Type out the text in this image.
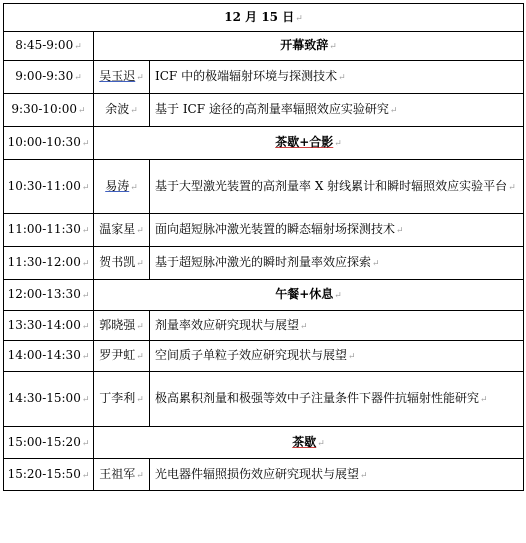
12 月 15 日↵		
8:45-9:00↵	开幕致辞↵	
9:00-9:30↵	吴玉迟↵	ICF 中的极端辐射环境与探测技术↵
9:30-10:00↵	余波↵	基于 ICF 途径的高剂量率辐照效应实验研究↵
10:00-10:30↵	茶歇+合影↵	
10:30-11:00↵	易涛↵	基于大型激光装置的高剂量率 X 射线累计和瞬时辐照效应实验平台↵
11:00-11:30↵	温家星↵	面向超短脉冲激光装置的瞬态辐射场探测技术↵
11:30-12:00↵	贺书凯↵	基于超短脉冲激光的瞬时剂量率效应探索↵
12:00-13:30↵	午餐+休息↵	
13:30-14:00↵	郭晓强↵	剂量率效应研究现状与展望↵
14:00-14:30↵	罗尹虹↵	空间质子单粒子效应研究现状与展望↵
14:30-15:00↵	丁李利↵	极高累积剂量和极强等效中子注量条件下器件抗辐射性能研究↵
15:00-15:20↵	茶歇↵	
15:20-15:50↵	王祖军↵	光电器件辐照损伤效应研究现状与展望↵
